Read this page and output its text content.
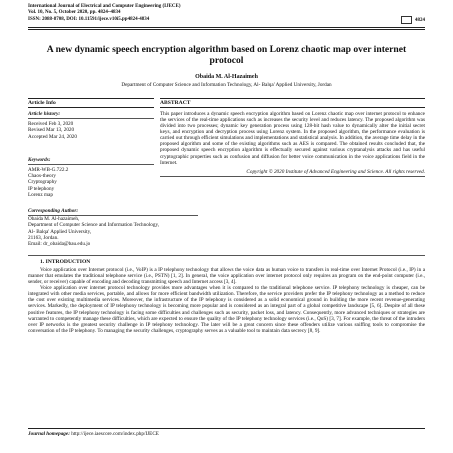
International Journal of Electrical and Computer Engineering (IJECE)
Vol. 10, No. 5, October 2020, pp. 4824~4834
ISSN: 2088-8708, DOI: 10.11591/ijece.v10i5.pp4824-4834	4824
A new dynamic speech encryption algorithm based on Lorenz chaotic map over internet protocol
Obaida M. Al-Hazaimeh
Department of Computer Science and Information Technology, Al- Balqa' Applied University, Jordan
Article Info
Article history:
Received Feb 3, 2020
Revised Mar 13, 2020
Accepted Mar 24, 2020
Keywords:
AMR-WB-G.722.2
Chaos-theory
Cryptography
IP telephony
Lorenz map
ABSTRACT
This paper introduces a dynamic speech encryption algorithm based on Lorenz chaotic map over internet protocol to enhance the services of the real-time applications such as increases the security level and reduces latency. The proposed algorithm was divided into two processes; dynamic key generation process using 128-bit hash value to dynamically alter the initial secret keys, and encryption and decryption process using Lorenz system. In the proposed algorithm, the performance evaluation is carried out through efficient simulations and implementations and statistical analysis. In addition, the average time delay in the proposed algorithm and some of the existing algorithms such as AES is compared. The obtained results concluded that, the proposed dynamic speech encryption algorithm is effectually secured against various cryptanalysis attacks and has useful cryptographic properties such as confusion and diffusion for better voice communication in the voice applications field in the Internet.
Copyright © 2020 Institute of Advanced Engineering and Science. All rights reserved.
Corresponding Author:
Obaida M. Al-hazaimeh,
Department of Computer Science and Information Technology,
Al- Balqa' Applied University,
21163, Jordan.
Email: dr_obaida@bau.edu.jo
1. INTRODUCTION

Voice application over Internet protocol (i.e., VoIP) is a IP telephony technology that allows the voice data as human voice to transfers in real-time over Internet Protocol (i.e., IP) in a manner that emulates the traditional telephone service (i.e., PSTN) [1, 2]. In general, the voice application over internet protocol only requires an program on the end-point computer (i.e., sender, or receiver) capable of encoding and decoding transmitting speech and Internet access [3, 4].

Voice application over internet protocol technology provides more advantages when it is compared to the traditional telephone service. IP telephony technology is cheaper, can be integrated with other media services, portable, and allows for more efficient bandwidth utilization. Therefore, the service providers prefer the IP telephony technology as a method to reduce the cost over existing multimedia services. Moreover, the infrastructure of the IP telephony is considered as a solid economical ground in building the more recent revenue-generating services. Markedly, the deployment of IP telephony technology is becoming more popular and is considered as an integral part of a global competitive landscape [5, 6]. Despite of all these positive features, the IP telephony technology is facing some difficulties and challenges such as security, packet loss, and latency. Consequently, more advanced techniques or strategies are warranted to competently manage these difficulties, which are expected to ensure the quality of the IP telephony technology services (i.e., QoS) [3, 7]. For example, the threat of the intruders over IP networks is the greatest security challenge in IP telephony technology. The later will be a great concern since these offenders utilize various sniffing tools to compromise the conversation of the IP telephony. To managing the security challenges, cryptography serves as a valuable tool to maintain data secrecy [8, 9].

Journal homepage: http://ijece.iaescore.com/index.php/IJECE
